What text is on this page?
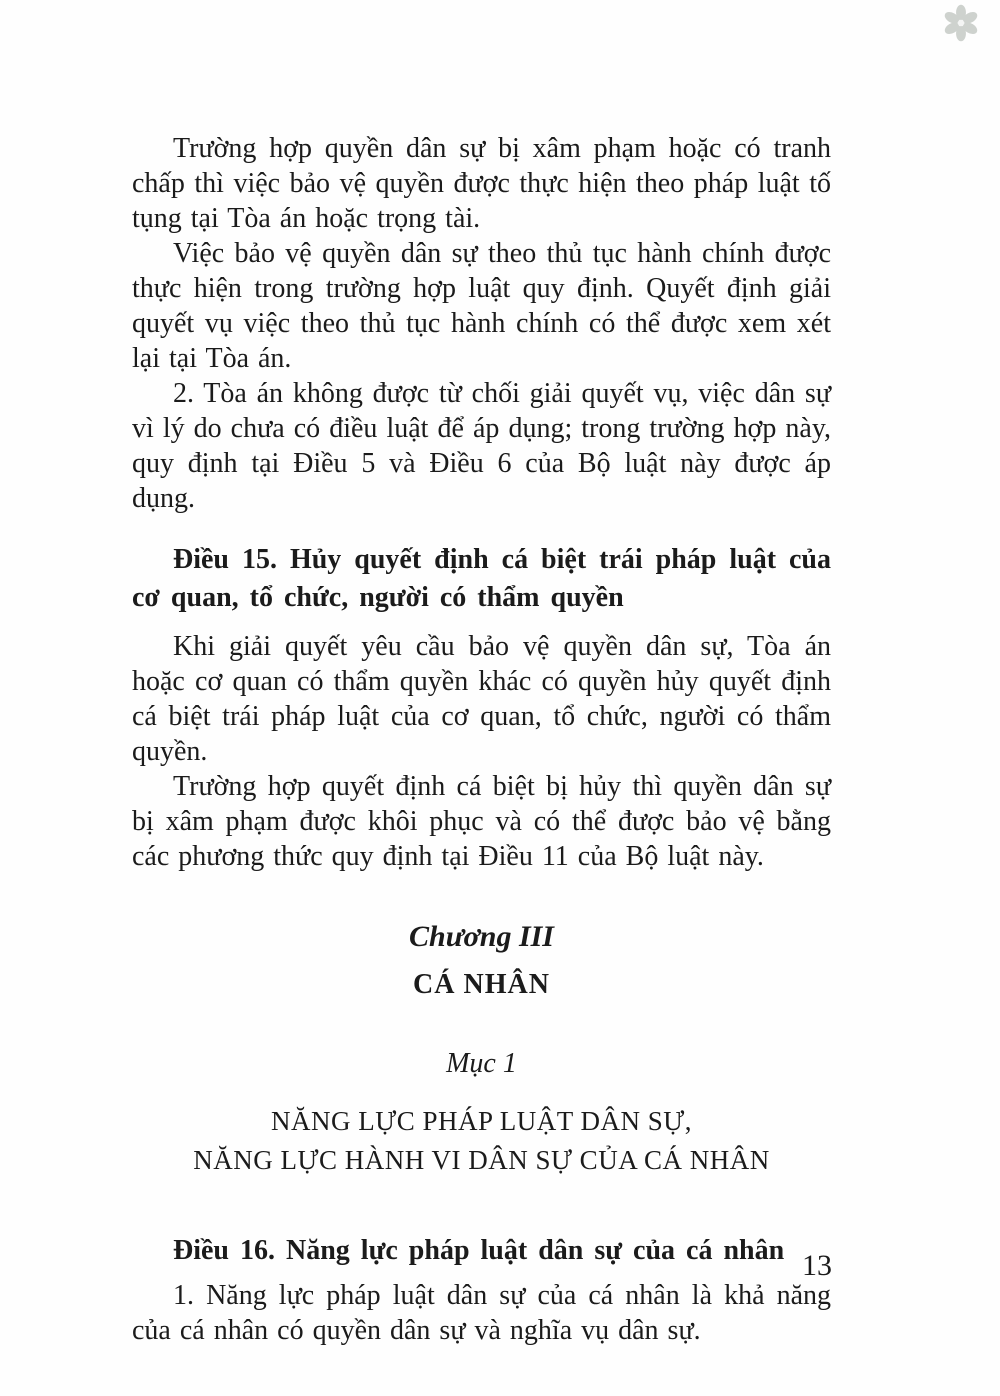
Trường hợp quyền dân sự bị xâm phạm hoặc có tranh chấp thì việc bảo vệ quyền được thực hiện theo pháp luật tố tụng tại Tòa án hoặc trọng tài.

Việc bảo vệ quyền dân sự theo thủ tục hành chính được thực hiện trong trường hợp luật quy định. Quyết định giải quyết vụ việc theo thủ tục hành chính có thể được xem xét lại tại Tòa án.

2. Tòa án không được từ chối giải quyết vụ, việc dân sự vì lý do chưa có điều luật để áp dụng; trong trường hợp này, quy định tại Điều 5 và Điều 6 của Bộ luật này được áp dụng.

Điều 15. Hủy quyết định cá biệt trái pháp luật của cơ quan, tổ chức, người có thẩm quyền

Khi giải quyết yêu cầu bảo vệ quyền dân sự, Tòa án hoặc cơ quan có thẩm quyền khác có quyền hủy quyết định cá biệt trái pháp luật của cơ quan, tổ chức, người có thẩm quyền.

Trường hợp quyết định cá biệt bị hủy thì quyền dân sự bị xâm phạm được khôi phục và có thể được bảo vệ bằng các phương thức quy định tại Điều 11 của Bộ luật này.

Chương III
CÁ NHÂN
Mục 1
NĂNG LỰC PHÁP LUẬT DÂN SỰ,
NĂNG LỰC HÀNH VI DÂN SỰ CỦA CÁ NHÂN
Điều 16. Năng lực pháp luật dân sự của cá nhân

1. Năng lực pháp luật dân sự của cá nhân là khả năng của cá nhân có quyền dân sự và nghĩa vụ dân sự.

13
